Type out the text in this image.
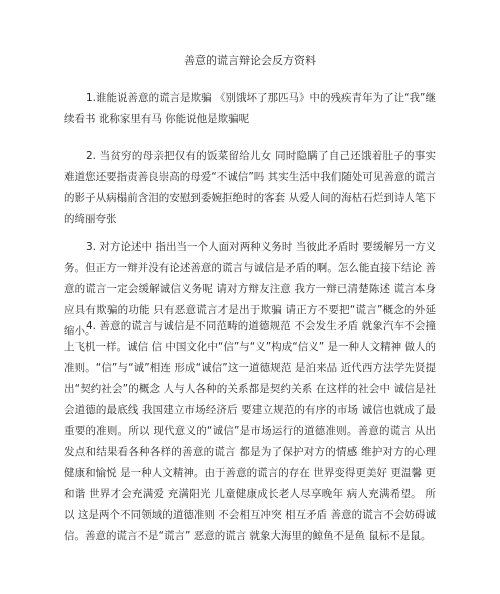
善意的谎言辩论会反方资料

1.谁能说善意的谎言是欺骗 《别饿坏了那匹马》中的残疾青年为了让“我”继续看书 讹称家里有马 你能说他是欺骗呢

2. 当贫穷的母亲把仅有的饭菜留给儿女 同时隐瞒了自己还饿着肚子的事实 难道您还要指责善良崇高的母爱“不诚信”吗 其实生活中我们随处可见善意的谎言的影子从病榻前含泪的安慰到委婉拒绝时的客套 从爱人间的海枯石烂到诗人笔下的绮丽夸张

3. 对方论述中 指出当一个人面对两种义务时 当彼此矛盾时 要缓解另一方义务。但正方一辩并没有论述善意的谎言与诚信是矛盾的啊。怎么能直接下结论 善意的谎言一定会缓解诚信义务呢 请对方辩友注意 我方一辩已清楚陈述 谎言本身应具有欺骗的功能 只有恶意谎言才是出于欺骗 请正方不要把“谎言”概念的外延缩小。

4. 善意的谎言与诚信是不同范畴的道德规范 不会发生矛盾 就象汽车不会撞上飞机一样。诚信 信 中国文化中“信”与“义”构成“信义” 是一种人文精神 做人的准则。“信”与“诚”相连 形成“诚信”这一道德规范 是泊来品 近代西方法学先贤提出“契约社会”的概念 人与人各种的关系都是契约关系 在这样的社会中 诚信是社会道德的最底线 我国建立市场经济后 要建立规范的有序的市场 诚信也就成了最重要的准则。所以 现代意义的“诚信”是市场运行的道德准则。善意的谎言 从出发点和结果看各种各样的善意的谎言 都是为了保护对方的情感 维护对方的心理健康和愉悦 是一种人文精神。由于善意的谎言的存在 世界变得更美好 更温馨 更和谐 世界才会充满爱 充满阳光 儿童健康成长老人尽享晚年 病人充满希望。 所以 这是两个不同领域的道德准则 不会相互冲突 相互矛盾 善意的谎言不会妨碍诚信。善意的谎言不是“谎言” 恶意的谎言 就象大海里的鲸鱼不是鱼 鼠标不是鼠。
